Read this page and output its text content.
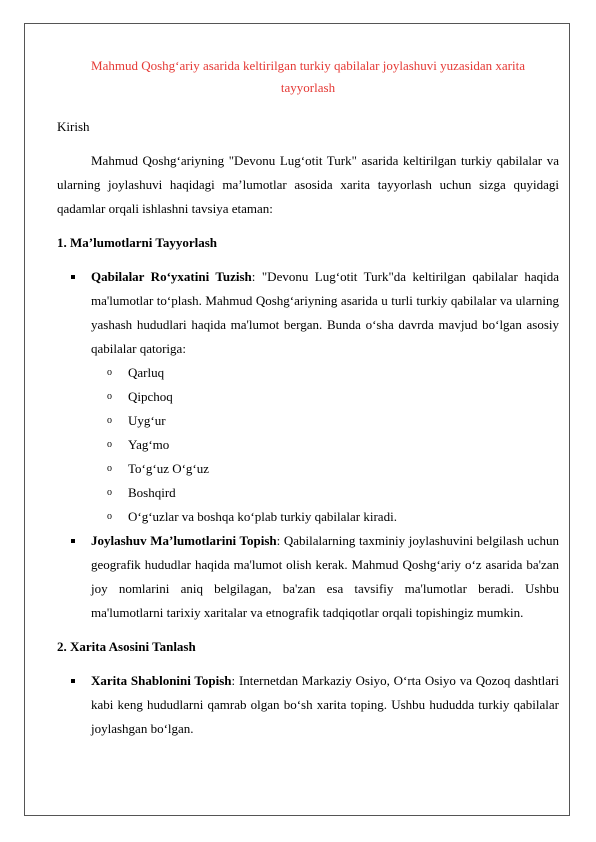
Mahmud Qoshg‘ariy asarida keltirilgan turkiy qabilalar joylashuvi yuzasidan xarita tayyorlash

Kirish

Mahmud Qoshg‘ariyning "Devonu Lug‘otit Turk" asarida keltirilgan turkiy qabilalar va ularning joylashuvi haqidagi ma’lumotlar asosida xarita tayyorlash uchun sizga quyidagi qadamlar orqali ishlashni tavsiya etaman:

1. Ma’lumotlarni Tayyorlash

Qabilalar Ro‘yxatini Tuzish: "Devonu Lug‘otit Turk"da keltirilgan qabilalar haqida ma'lumotlar to‘plash. Mahmud Qoshg‘ariyning asarida u turli turkiy qabilalar va ularning yashash hududlari haqida ma'lumot bergan. Bunda o‘sha davrda mavjud bo‘lgan asosiy qabilalar qatoriga:
o Qarluq
o Qipchoq
o Uyg‘ur
o Yag‘mo
o To‘g‘uz O‘g‘uz
o Boshqird
o O‘g‘uzlar va boshqa ko‘plab turkiy qabilalar kiradi.
Joylashuv Ma’lumotlarini Topish: Qabilalarning taxminiy joylashuvini belgilash uchun geografik hududlar haqida ma'lumot olish kerak. Mahmud Qoshg‘ariy o‘z asarida ba'zan joy nomlarini aniq belgilagan, ba'zan esa tavsifiy ma'lumotlar beradi. Ushbu ma'lumotlarni tarixiy xaritalar va etnografik tadqiqotlar orqali topishingiz mumkin.

2. Xarita Asosini Tanlash

Xarita Shablonini Topish: Internetdan Markaziy Osiyo, O‘rta Osiyo va Qozoq dashtlari kabi keng hududlarni qamrab olgan bo‘sh xarita toping. Ushbu hududda turkiy qabilalar joylashgan bo‘lgan.
